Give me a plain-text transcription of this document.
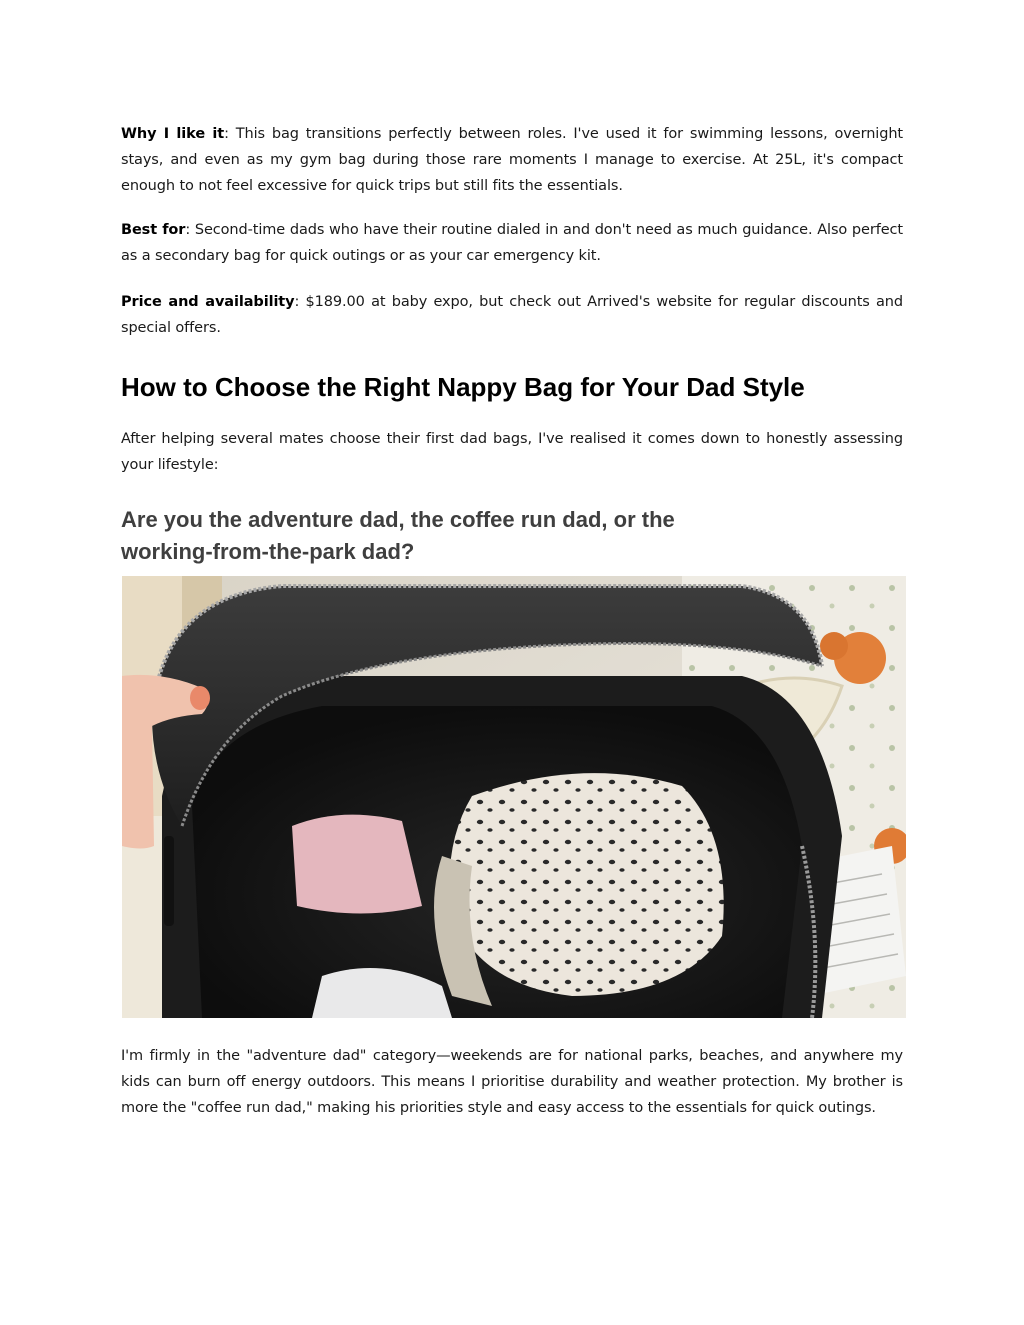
Why I like it: This bag transitions perfectly between roles. I've used it for swimming lessons, overnight stays, and even as my gym bag during those rare moments I manage to exercise. At 25L, it's compact enough to not feel excessive for quick trips but still fits the essentials.

Best for: Second-time dads who have their routine dialed in and don't need as much guidance. Also perfect as a secondary bag for quick outings or as your car emergency kit.

Price and availability: $189.00 at baby expo, but check out Arrived's website for regular discounts and special offers.

How to Choose the Right Nappy Bag for Your Dad Style

After helping several mates choose their first dad bags, I've realised it comes down to honestly assessing your lifestyle:

Are you the adventure dad, the coffee run dad, or the working-from-the-park dad?

I'm firmly in the "adventure dad" category—weekends are for national parks, beaches, and anywhere my kids can burn off energy outdoors. This means I prioritise durability and weather protection. My brother is more the "coffee run dad," making his priorities style and easy access to the essentials for quick outings.
